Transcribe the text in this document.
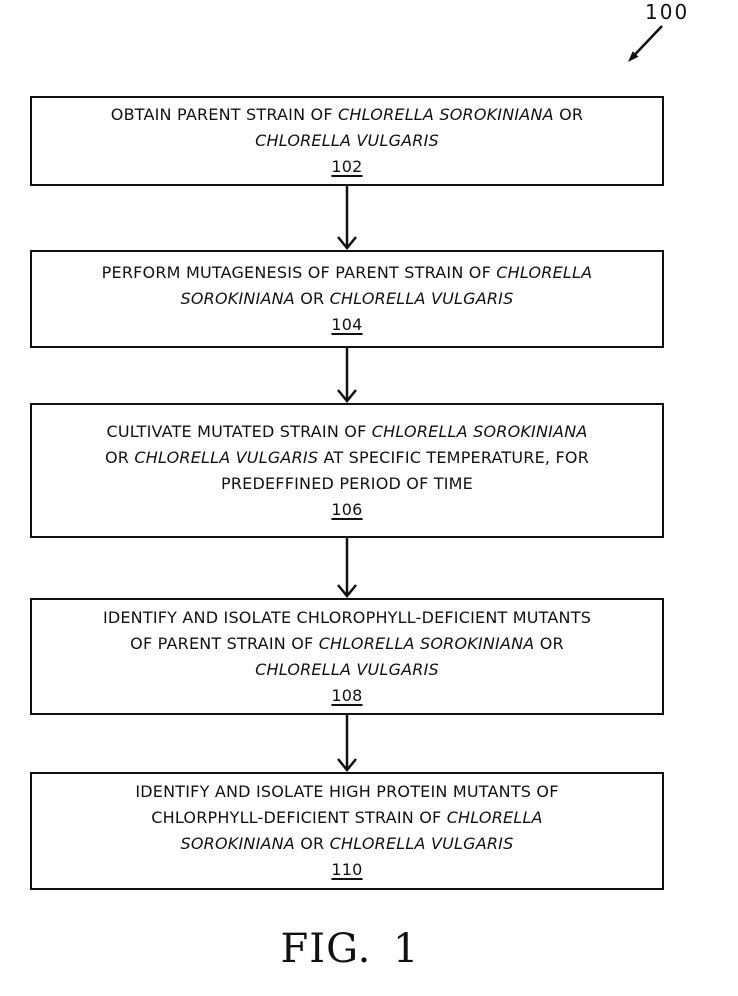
100
OBTAIN PARENT STRAIN OF CHLORELLA SOROKINIANA OR
CHLORELLA VULGARIS
102
PERFORM MUTAGENESIS OF PARENT STRAIN OF CHLORELLA
SOROKINIANA OR CHLORELLA VULGARIS
104
CULTIVATE MUTATED STRAIN OF CHLORELLA SOROKINIANA
OR CHLORELLA VULGARIS AT SPECIFIC TEMPERATURE, FOR
PREDEFFINED PERIOD OF TIME
106
IDENTIFY AND ISOLATE CHLOROPHYLL-DEFICIENT MUTANTS
OF PARENT STRAIN OF CHLORELLA SOROKINIANA OR
CHLORELLA VULGARIS
108
IDENTIFY AND ISOLATE HIGH PROTEIN MUTANTS OF
CHLORPHYLL-DEFICIENT STRAIN OF CHLORELLA
SOROKINIANA OR CHLORELLA VULGARIS
110
FIG. 1
